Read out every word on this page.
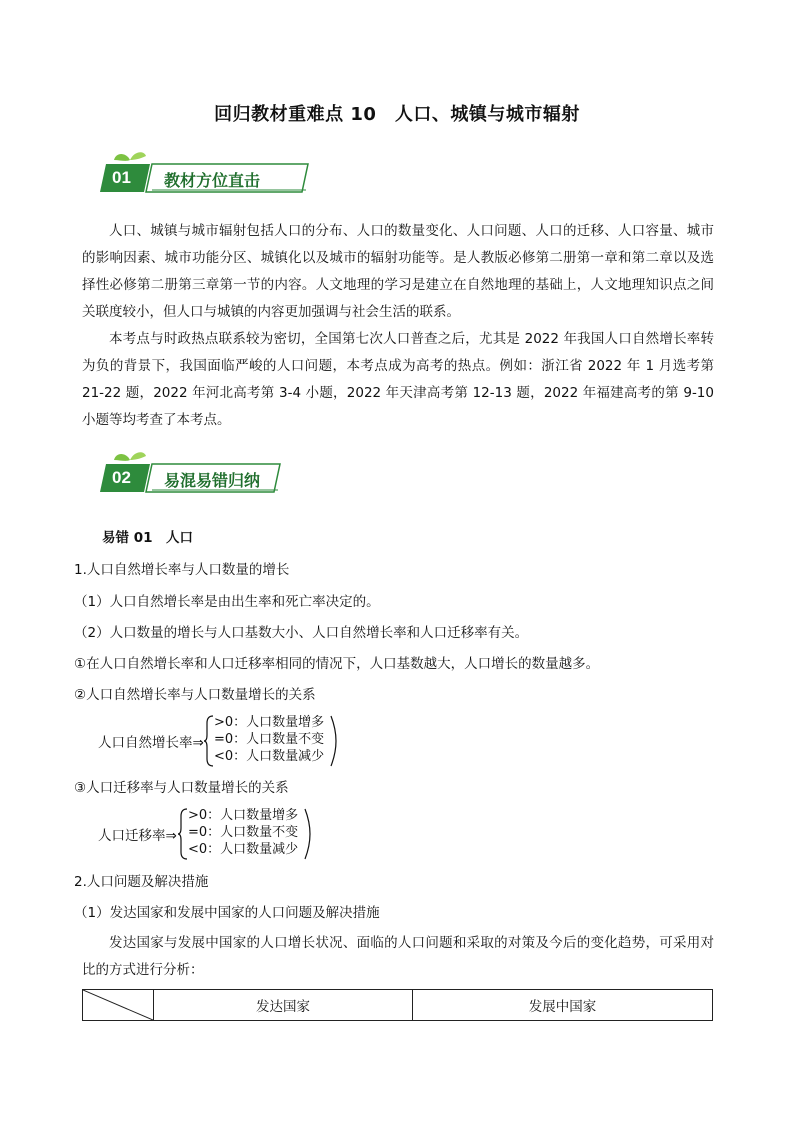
回归教材重难点 10　人口、城镇与城市辐射
01 教材方位直击

人口、城镇与城市辐射包括人口的分布、人口的数量变化、人口问题、人口的迁移、人口容量、城市的影响因素、城市功能分区、城镇化以及城市的辐射功能等。是人教版必修第二册第一章和第二章以及选择性必修第二册第三章第一节的内容。人文地理的学习是建立在自然地理的基础上，人文地理知识点之间关联度较小，但人口与城镇的内容更加强调与社会生活的联系。

本考点与时政热点联系较为密切，全国第七次人口普查之后，尤其是 2022 年我国人口自然增长率转为负的背景下，我国面临严峻的人口问题，本考点成为高考的热点。例如：浙江省 2022 年 1 月选考第 21-22 题，2022 年河北高考第 3-4 小题，2022 年天津高考第 12-13 题，2022 年福建高考的第 9-10 小题等均考查了本考点。

02 易混易错归纳
易错 01　人口
1.人口自然增长率与人口数量的增长
（1）人口自然增长率是由出生率和死亡率决定的。
（2）人口数量的增长与人口基数大小、人口自然增长率和人口迁移率有关。
①在人口自然增长率和人口迁移率相同的情况下，人口基数越大，人口增长的数量越多。
②人口自然增长率与人口数量增长的关系
人口自然增长率⇒
>0：人口数量增多
=0：人口数量不变
<0：人口数量减少
③人口迁移率与人口数量增长的关系
人口迁移率⇒
>0：人口数量增多
=0：人口数量不变
<0：人口数量减少
2.人口问题及解决措施
（1）发达国家和发展中国家的人口问题及解决措施

发达国家与发展中国家的人口增长状况、面临的人口问题和采取的对策及今后的变化趋势，可采用对比的方式进行分析：

	发达国家	发展中国家
